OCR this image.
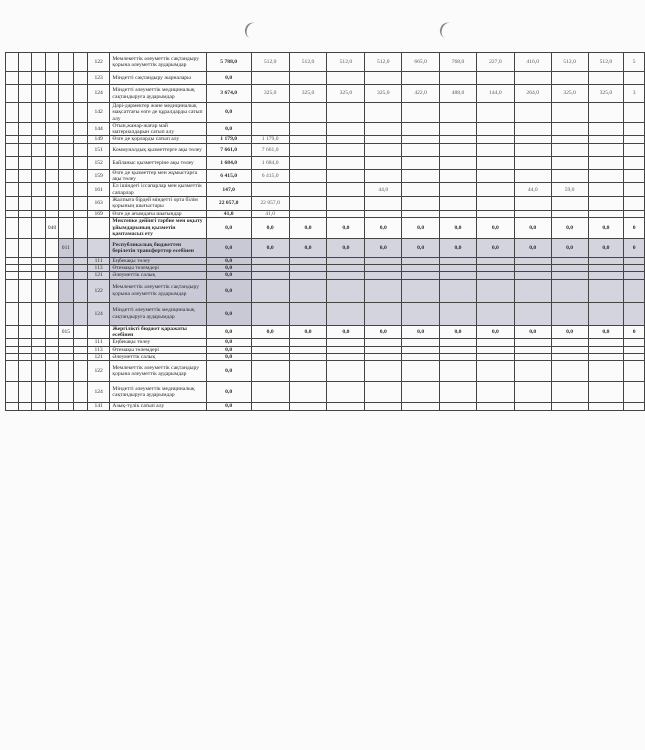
						122	Мемлекеттік әлеуметтік сақтандыру қорына әлеуметтік аударымдар	5 788,0	512,0	512,0	512,0	512,0	665,0	768,0	227,0	416,0	512,0	512,0	5
						123	Міндетті сақтандыру жарналары	0,0											
						124	Міндетті әлеуметтік медициналық сақтандыруға аударымдар	3 674,0	325,0	325,0	325,0	325,0	422,0	488,0	144,0	264,0	325,0	325,0	3
						142	Дәрі-дәрмектер және медициналық мақсаттағы өзге де құралдарды сатып алу	0,0											
						144	Отын,жанар-жағар май материалдарын сатып алу	0,0											
						149	Өзге де қорларды сатып алу	1 179,0	1 179,0										
						151	Коммуналдық қызметтерге ақы төлеу	7 661,0	7 661,0										
						152	Байланыс қызметтеріне ақы төлеу	1 684,0	1 684,0										
						159	Өзге де қызметтер мен жұмыстарға ақы төлеу	6 415,0	6 415,0										
						161	Ел ішіндегі іссапарлар мен қызметтік сапарлар	147,0				44,0				44,0	59,0		
						163	Жалпыға бірдей міндетті орта білім қорының шығыстары	22 057,0	22 057,0										
						169	Өзге де ағымдағы шығындар	41,0	41,0										
			040				Мектепке дейінгі тәрбие мен оқыту ұйымдарының қызметін қамтамасыз ету	0,0	0,0	0,0	0,0	0,0	0,0	0,0	0,0	0,0	0,0	0,0	0
				011			Республикалық бюджеттен берілетін трансферттер есебінен	0,0	0,0	0,0	0,0	0,0	0,0	0,0	0,0	0,0	0,0	0,0	0
						111	Еңбекақы төлеу	0,0											
						113	Өтемақы төлемдері	0,0											
						121	Әлеуметтік салық	0,0											
						122	Мемлекеттік әлеуметтік сақтандыру қорына әлеуметтік аударымдар	0,0											
						124	Міндетті әлеуметтік медициналық сақтандыруға аударымдар	0,0											
				015			Жергілікті бюджет қаражаты есебінен	0,0	0,0	0,0	0,0	0,0	0,0	0,0	0,0	0,0	0,0	0,0	0
						111	Еңбекақы төлеу	0,0											
						113	Өтемақы төлемдері	0,0											
						121	Әлеуметтік салық	0,0											
						122	Мемлекеттік әлеуметтік сақтандыру қорына әлеуметтік аударымдар	0,0											
						124	Міндетті әлеуметтік медициналық сақтандыруға аударымдар	0,0											
						141	Азық-түлік сатып алу	0,0											
